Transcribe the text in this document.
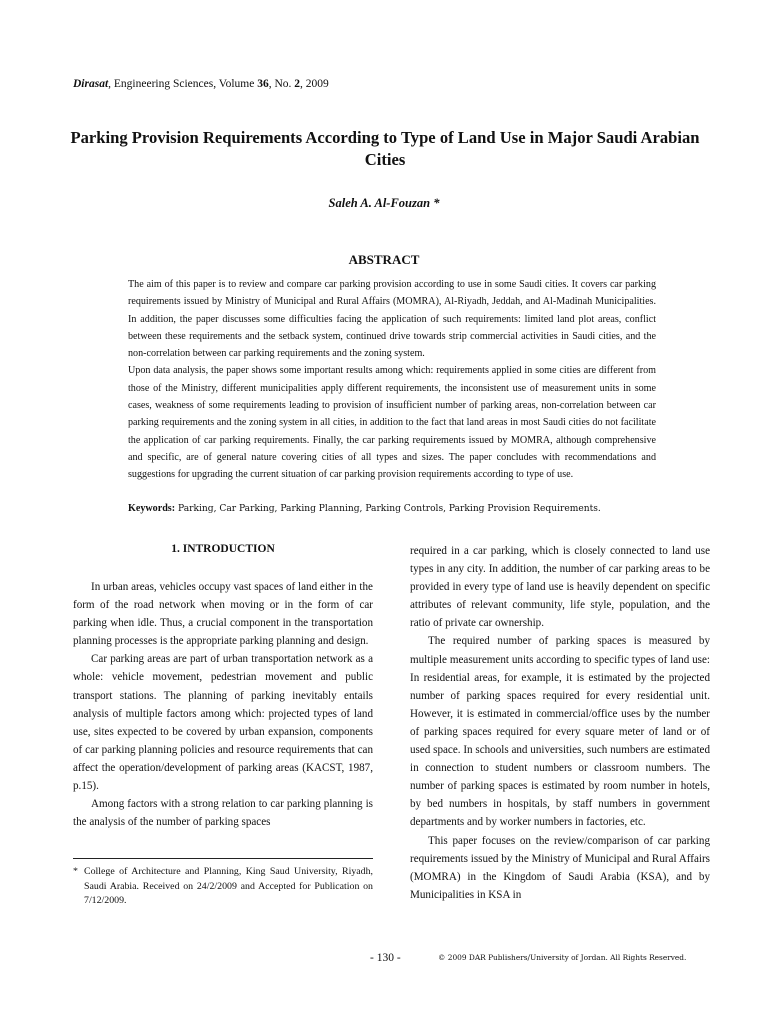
Dirasat, Engineering Sciences, Volume 36, No. 2, 2009
Parking Provision Requirements According to Type of Land Use in Major Saudi Arabian Cities
Saleh A. Al-Fouzan *
ABSTRACT

The aim of this paper is to review and compare car parking provision according to use in some Saudi cities. It covers car parking requirements issued by Ministry of Municipal and Rural Affairs (MOMRA), Al-Riyadh, Jeddah, and Al-Madinah Municipalities. In addition, the paper discusses some difficulties facing the application of such requirements: limited land plot areas, conflict between these requirements and the setback system, continued drive towards strip commercial activities in Saudi cities, and the non-correlation between car parking requirements and the zoning system.

Upon data analysis, the paper shows some important results among which: requirements applied in some cities are different from those of the Ministry, different municipalities apply different requirements, the inconsistent use of measurement units in some cases, weakness of some requirements leading to provision of insufficient number of parking areas, non-correlation between car parking requirements and the zoning system in all cities, in addition to the fact that land areas in most Saudi cities do not facilitate the application of car parking requirements. Finally, the car parking requirements issued by MOMRA, although comprehensive and specific, are of general nature covering cities of all types and sizes. The paper concludes with recommendations and suggestions for upgrading the current situation of car parking provision requirements according to type of use.

Keywords: Parking, Car Parking, Parking Planning, Parking Controls, Parking Provision Requirements.
1. INTRODUCTION

In urban areas, vehicles occupy vast spaces of land either in the form of the road network when moving or in the form of car parking when idle. Thus, a crucial component in the transportation planning processes is the appropriate parking planning and design.

Car parking areas are part of urban transportation network as a whole: vehicle movement, pedestrian movement and public transport stations. The planning of parking inevitably entails analysis of multiple factors among which: projected types of land use, sites expected to be covered by urban expansion, components of car parking planning policies and resource requirements that can affect the operation/development of parking areas (KACST, 1987, p.15).

Among factors with a strong relation to car parking planning is the analysis of the number of parking spaces

required in a car parking, which is closely connected to land use types in any city. In addition, the number of car parking areas to be provided in every type of land use is heavily dependent on specific attributes of relevant community, life style, population, and the ratio of private car ownership.

The required number of parking spaces is measured by multiple measurement units according to specific types of land use: In residential areas, for example, it is estimated by the projected number of parking spaces required for every residential unit. However, it is estimated in commercial/office uses by the number of parking spaces required for every square meter of land or of used space. In schools and universities, such numbers are estimated in connection to student numbers or classroom numbers. The number of parking spaces is estimated by room number in hotels, by bed numbers in hospitals, by staff numbers in government departments and by worker numbers in factories, etc.

This paper focuses on the review/comparison of car parking requirements issued by the Ministry of Municipal and Rural Affairs (MOMRA) in the Kingdom of Saudi Arabia (KSA), and by Municipalities in KSA in

* College of Architecture and Planning, King Saud University, Riyadh, Saudi Arabia. Received on 24/2/2009 and Accepted for Publication on 7/12/2009.
- 130 -	© 2009 DAR Publishers/University of Jordan. All Rights Reserved.
